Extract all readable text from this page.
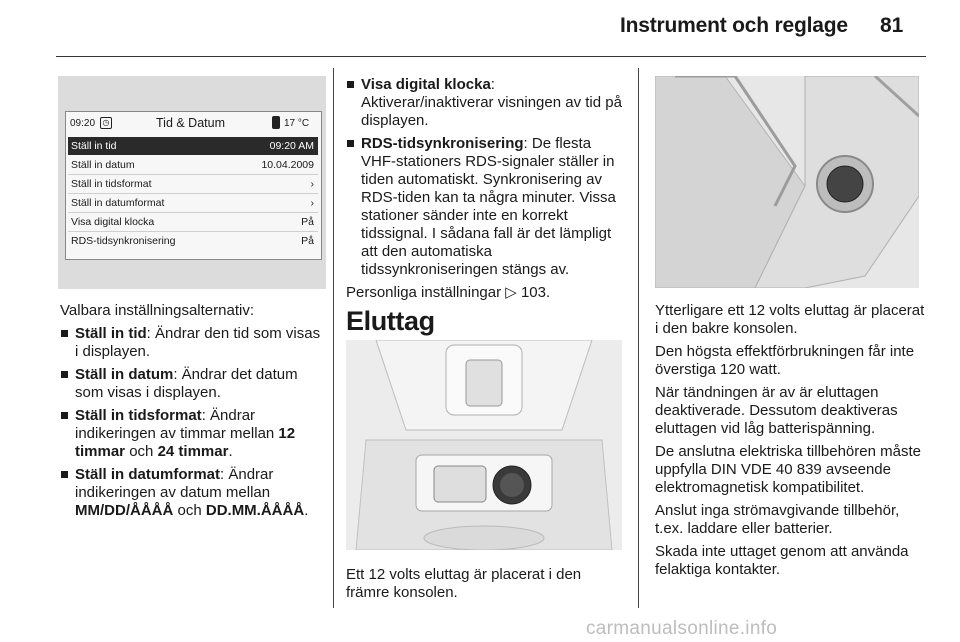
Instrument och reglage 81
09:20 ◷	Tid & Datum	17 °C
Ställ in tid	09:20 AM
Ställ in datum	10.04.2009
Ställ in tidsformat	›
Ställ in datumformat	›
Visa digital klocka	På
RDS-tidsynkronisering	På

Valbara inställningsalternativ:

Ställ in tid: Ändrar den tid som visas i displayen.

Ställ in datum: Ändrar det datum som visas i displayen.

Ställ in tidsformat: Ändrar indikeringen av timmar mellan 12 timmar och 24 timmar.

Ställ in datumformat: Ändrar indikeringen av datum mellan MM/DD/ÅÅÅÅ och DD.MM.ÅÅÅÅ.

Visa digital klocka: Aktiverar/inaktiverar visningen av tid på displayen.

RDS-tidsynkronisering: De flesta VHF-stationers RDS-signaler ställer in tiden automatiskt. Synkronisering av RDS-tiden kan ta några minuter. Vissa stationer sänder inte en korrekt tidssignal. I sådana fall är det lämpligt att den automatiska tidssynkroniseringen stängs av.

Personliga inställningar ▷ 103.

Eluttag
Ett 12 volts eluttag är placerat i den främre konsolen.

Ytterligare ett 12 volts eluttag är placerat i den bakre konsolen.

Den högsta effektförbrukningen får inte överstiga 120 watt.

När tändningen är av är eluttagen deaktiverade. Dessutom deaktiveras eluttagen vid låg batterispänning.

De anslutna elektriska tillbehören måste uppfylla DIN VDE 40 839 avseende elektromagnetisk kompatibilitet.

Anslut inga strömavgivande tillbehör, t.ex. laddare eller batterier.

Skada inte uttaget genom att använda felaktiga kontakter.

carmanualsonline.info
